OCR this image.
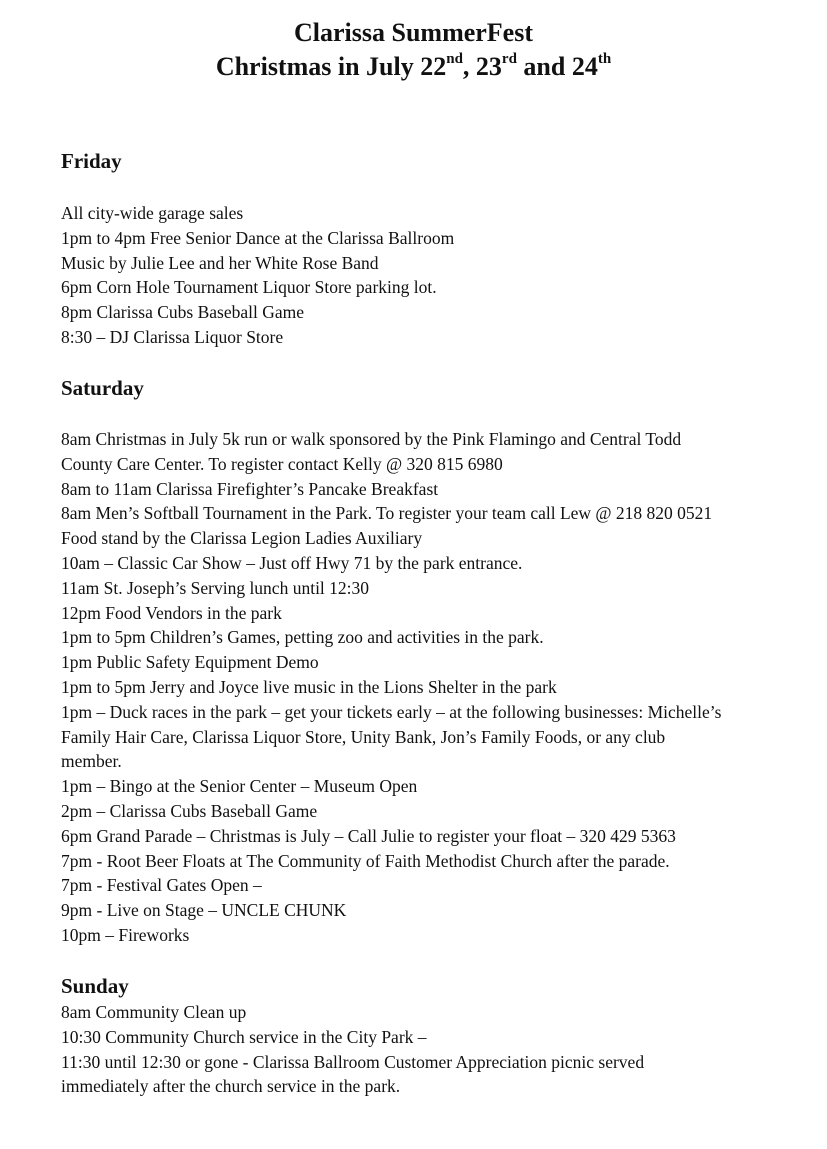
Clarissa SummerFest
Christmas in July 22nd, 23rd and 24th
Friday
All city-wide garage sales
1pm to 4pm Free Senior Dance at the Clarissa Ballroom
Music by Julie Lee and her White Rose Band
6pm Corn Hole Tournament Liquor Store parking lot.
8pm Clarissa Cubs Baseball Game
8:30 – DJ Clarissa Liquor Store
Saturday
8am Christmas in July 5k run or walk sponsored by the Pink Flamingo and Central Todd
County Care Center. To register contact Kelly @ 320 815 6980
8am to 11am Clarissa Firefighter’s Pancake Breakfast
8am Men’s Softball Tournament in the Park. To register your team call Lew @ 218 820 0521
Food stand by the Clarissa Legion Ladies Auxiliary
10am – Classic Car Show – Just off Hwy 71 by the park entrance.
11am St. Joseph’s Serving lunch until 12:30
12pm Food Vendors in the park
1pm to 5pm Children’s Games, petting zoo and activities in the park.
1pm Public Safety Equipment Demo
1pm to 5pm Jerry and Joyce live music in the Lions Shelter in the park
1pm – Duck races in the park – get your tickets early – at the following businesses: Michelle’s
Family Hair Care, Clarissa Liquor Store, Unity Bank, Jon’s Family Foods, or any club
member.
1pm – Bingo at the Senior Center – Museum Open
2pm – Clarissa Cubs Baseball Game
6pm Grand Parade – Christmas is July – Call Julie to register your float – 320 429 5363
7pm - Root Beer Floats at The Community of Faith Methodist Church after the parade.
7pm - Festival Gates Open –
9pm - Live on Stage – UNCLE CHUNK
10pm – Fireworks
Sunday
8am Community Clean up
10:30 Community Church service in the City Park –
11:30 until 12:30 or gone - Clarissa Ballroom Customer Appreciation picnic served
immediately after the church service in the park.
